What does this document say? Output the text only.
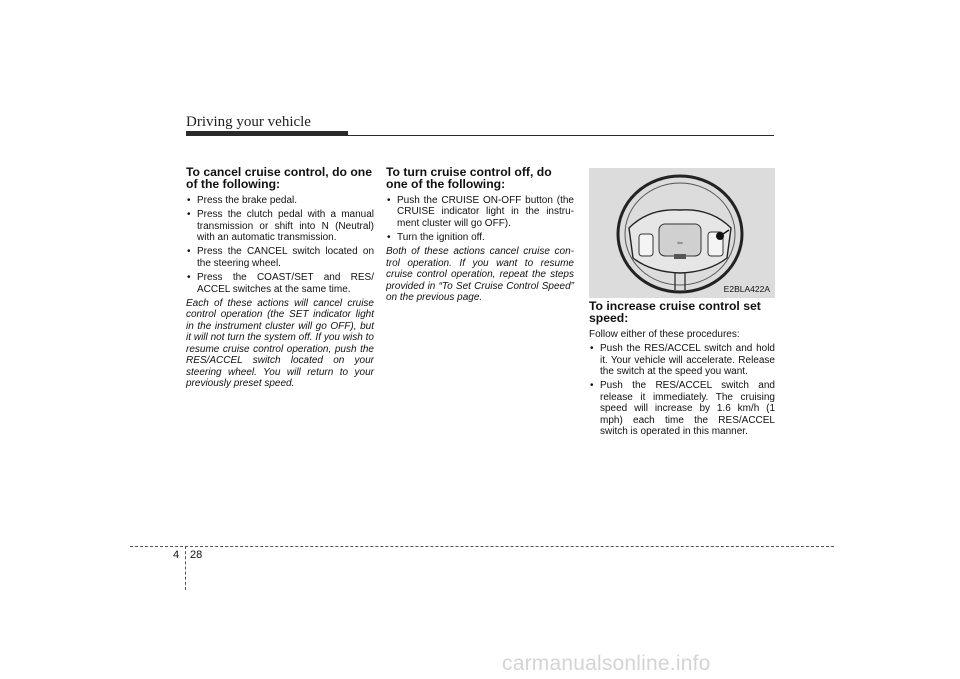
Driving your vehicle
To cancel cruise control, do one of the following:
• Press the brake pedal.
• Press the clutch pedal with a manual transmission or shift into N (Neutral) with an automatic transmission.
• Press the CANCEL switch located on the steering wheel.
• Press the COAST/SET and RES/ ACCEL switches at the same time.

Each of these actions will cancel cruise control operation (the SET indicator light in the instrument cluster will go OFF), but it will not turn the system off. If you wish to resume cruise control operation, push the RES/ACCEL switch located on your steering wheel. You will return to your previously preset speed.

To turn cruise control off, do one of the following:
• Push the CRUISE ON-OFF button (the CRUISE indicator light in the instru- ment cluster will go OFF).
• Turn the ignition off.

Both of these actions cancel cruise con- trol operation. If you want to resume cruise control operation, repeat the steps provided in “To Set Cruise Control Speed” on the previous page.

kia
E2BLA422A
To increase cruise control set speed:

Follow either of these procedures:

• Push the RES/ACCEL switch and hold it. Your vehicle will accelerate. Release the switch at the speed you want.
• Push the RES/ACCEL switch and release it immediately. The cruising speed will increase by 1.6 km/h (1 mph) each time the RES/ACCEL switch is operated in this manner.
4 28
carmanualsonline.info
